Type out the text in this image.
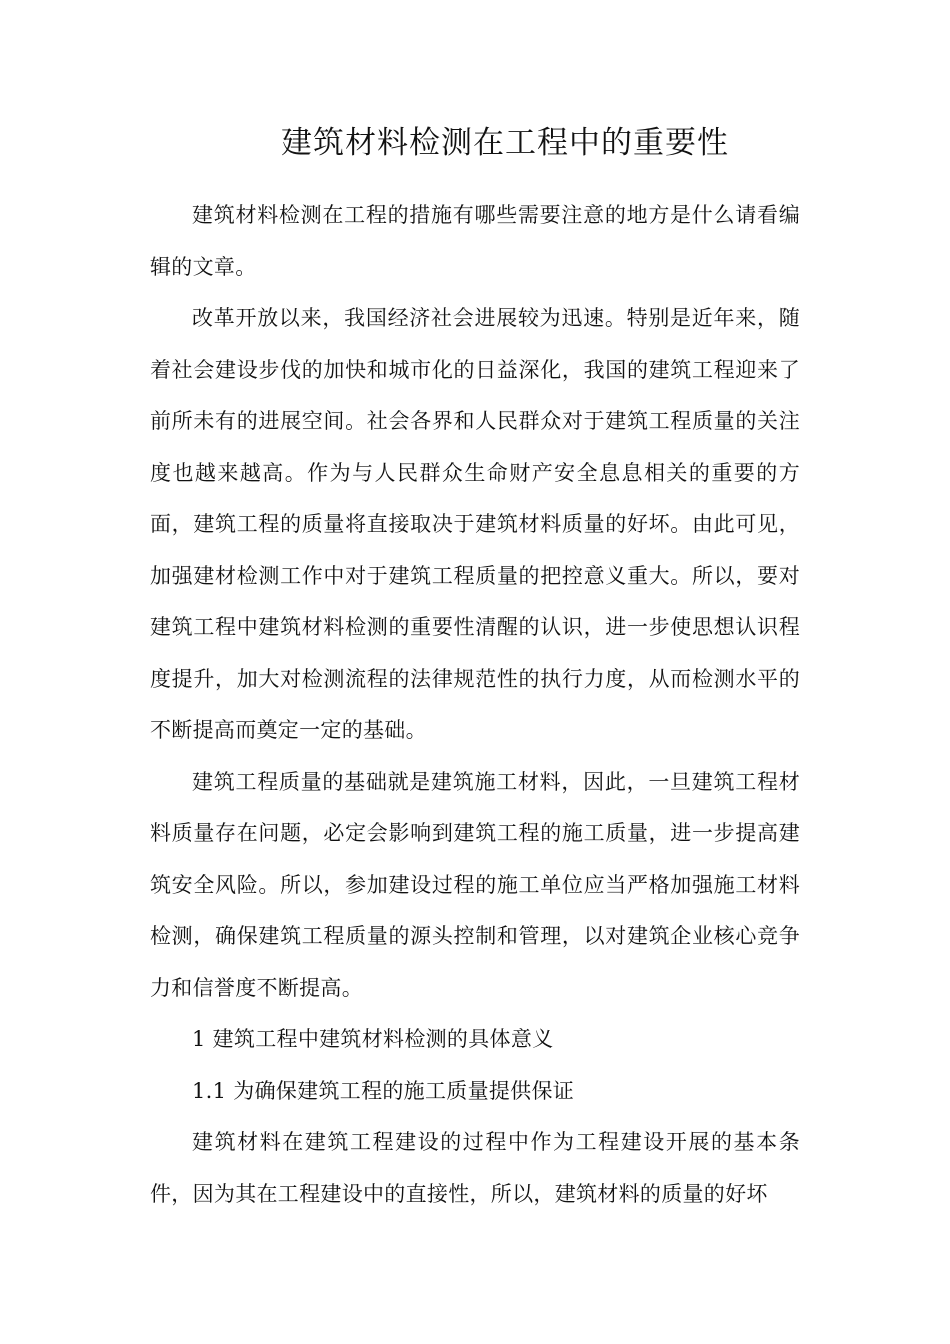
建筑材料检测在工程中的重要性

建筑材料检测在工程的措施有哪些需要注意的地方是什么请看编辑的文章。

改革开放以来，我国经济社会进展较为迅速。特别是近年来，随着社会建设步伐的加快和城市化的日益深化，我国的建筑工程迎来了前所未有的进展空间。社会各界和人民群众对于建筑工程质量的关注度也越来越高。作为与人民群众生命财产安全息息相关的重要的方面，建筑工程的质量将直接取决于建筑材料质量的好坏。由此可见，加强建材检测工作中对于建筑工程质量的把控意义重大。所以，要对建筑工程中建筑材料检测的重要性清醒的认识，进一步使思想认识程度提升，加大对检测流程的法律规范性的执行力度，从而检测水平的不断提高而奠定一定的基础。

建筑工程质量的基础就是建筑施工材料，因此，一旦建筑工程材料质量存在问题，必定会影响到建筑工程的施工质量，进一步提高建筑安全风险。所以，参加建设过程的施工单位应当严格加强施工材料检测，确保建筑工程质量的源头控制和管理，以对建筑企业核心竞争力和信誉度不断提高。

1 建筑工程中建筑材料检测的具体意义

1.1 为确保建筑工程的施工质量提供保证

建筑材料在建筑工程建设的过程中作为工程建设开展的基本条件，因为其在工程建设中的直接性，所以，建筑材料的质量的好坏
